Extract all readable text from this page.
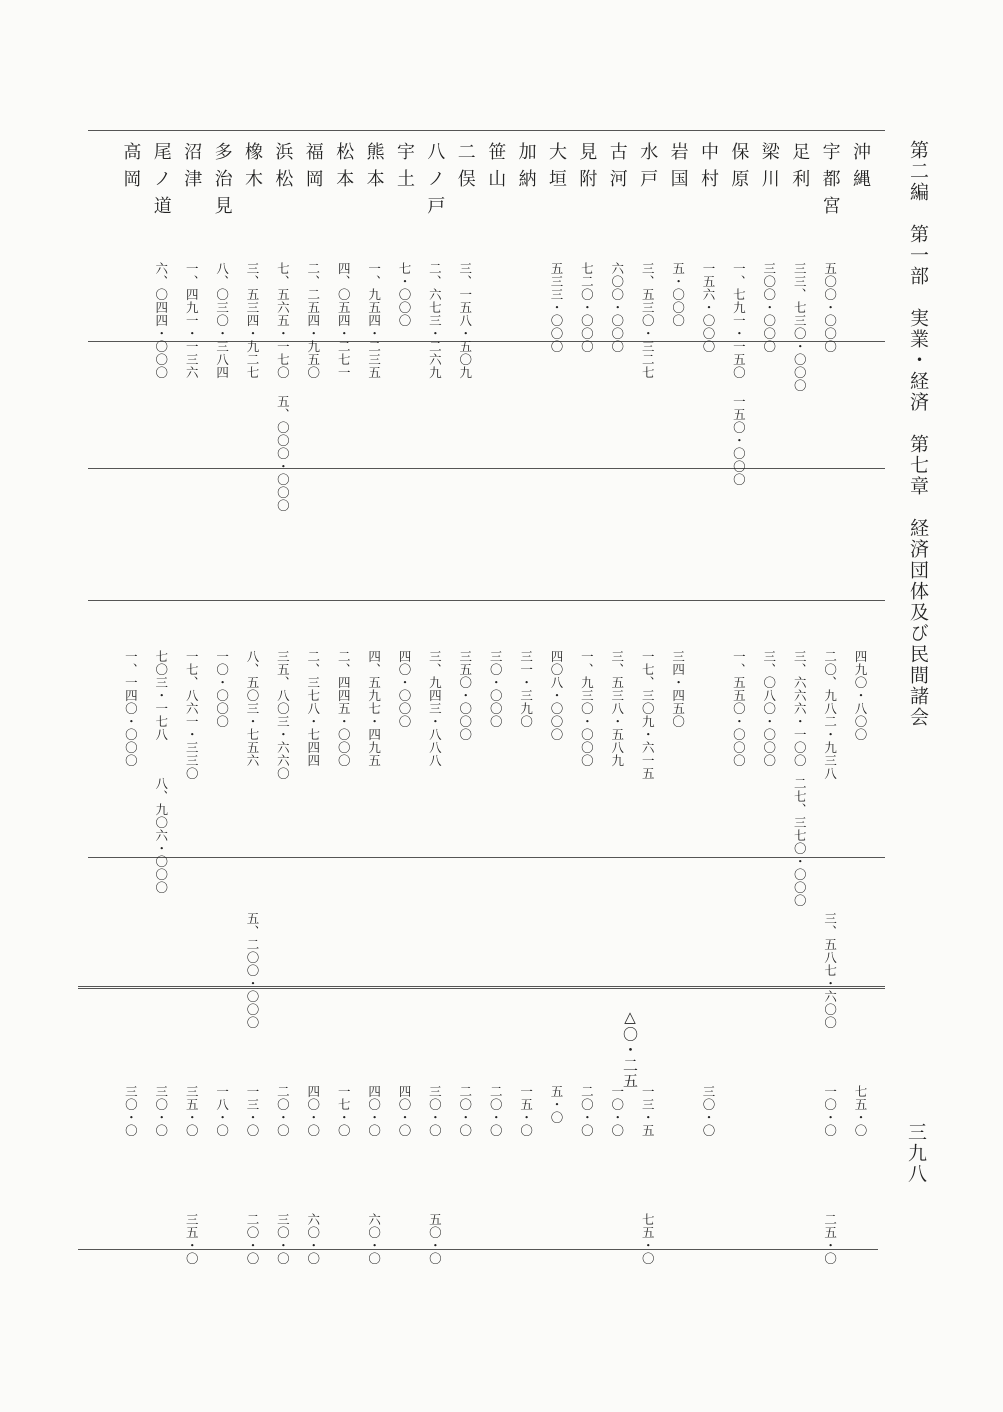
第二編　第一部　実業・経済　第七章　経済団体及び民間諸会
三九八
△〇・二五
沖縄
四九〇・八〇〇
七五・〇
宇都宮
五〇〇・〇〇〇
二〇、九八二・九三八
三、五八七・六〇〇
一〇・〇
二五・〇
足利
三三、七三〇・〇〇〇
三、六六六・一〇〇
二七、三七〇・〇〇〇
梁川
三〇〇・〇〇〇
三、〇八〇・〇〇〇
保原
一、七九一・一五〇
一五〇・〇〇〇
一、五五〇・〇〇〇
中村
一五六・〇〇〇
三〇・〇
岩国
五・〇〇〇
三四・四五〇
水戸
三、五三〇・三二七
一七、三〇九・六一五
一三・五
七五・〇
古河
六〇〇・〇〇〇
三、五三八・五八九
一〇・〇
見附
七二〇・〇〇〇
一、九三〇・〇〇〇
二〇・〇
大垣
五三三・〇〇〇
四〇八・〇〇〇
五・〇
加納
三一・三九〇
一五・〇
笹山
三〇・〇〇〇
二〇・〇
二俣
三、一五八・五〇九
三五〇・〇〇〇
二〇・〇
八ノ戸
二、六七三・二六九
三、九四三・八八八
三〇・〇
五〇・〇
宇土
七・〇〇〇
四〇・〇〇〇
四〇・〇
熊本
一、九五四・二三五
四、五九七・四九五
四〇・〇
六〇・〇
松本
四、〇五四・二七一
二、四四五・〇〇〇
一七・〇
福岡
二、二五四・九五〇
二、三七八・七四四
四〇・〇
六〇・〇
浜松
七、五六五・一七〇
五、〇〇〇・〇〇〇
三五、八〇三・六六〇
二〇・〇
三〇・〇
橡木
三、五三四・九二七
八、五〇三・七五六
五、二〇〇・〇〇〇
一三・〇
二〇・〇
多治見
八、〇三〇・三八四
一〇・〇〇〇
一八・〇
沼津
一、四九一・一三六
一七、八六一・三三〇
三五・〇
三五・〇
尾ノ道
六、〇四四・〇〇〇
七〇三・一七八
八、九〇六・〇〇〇
三〇・〇
高岡
一、一四〇・〇〇〇
三〇・〇
